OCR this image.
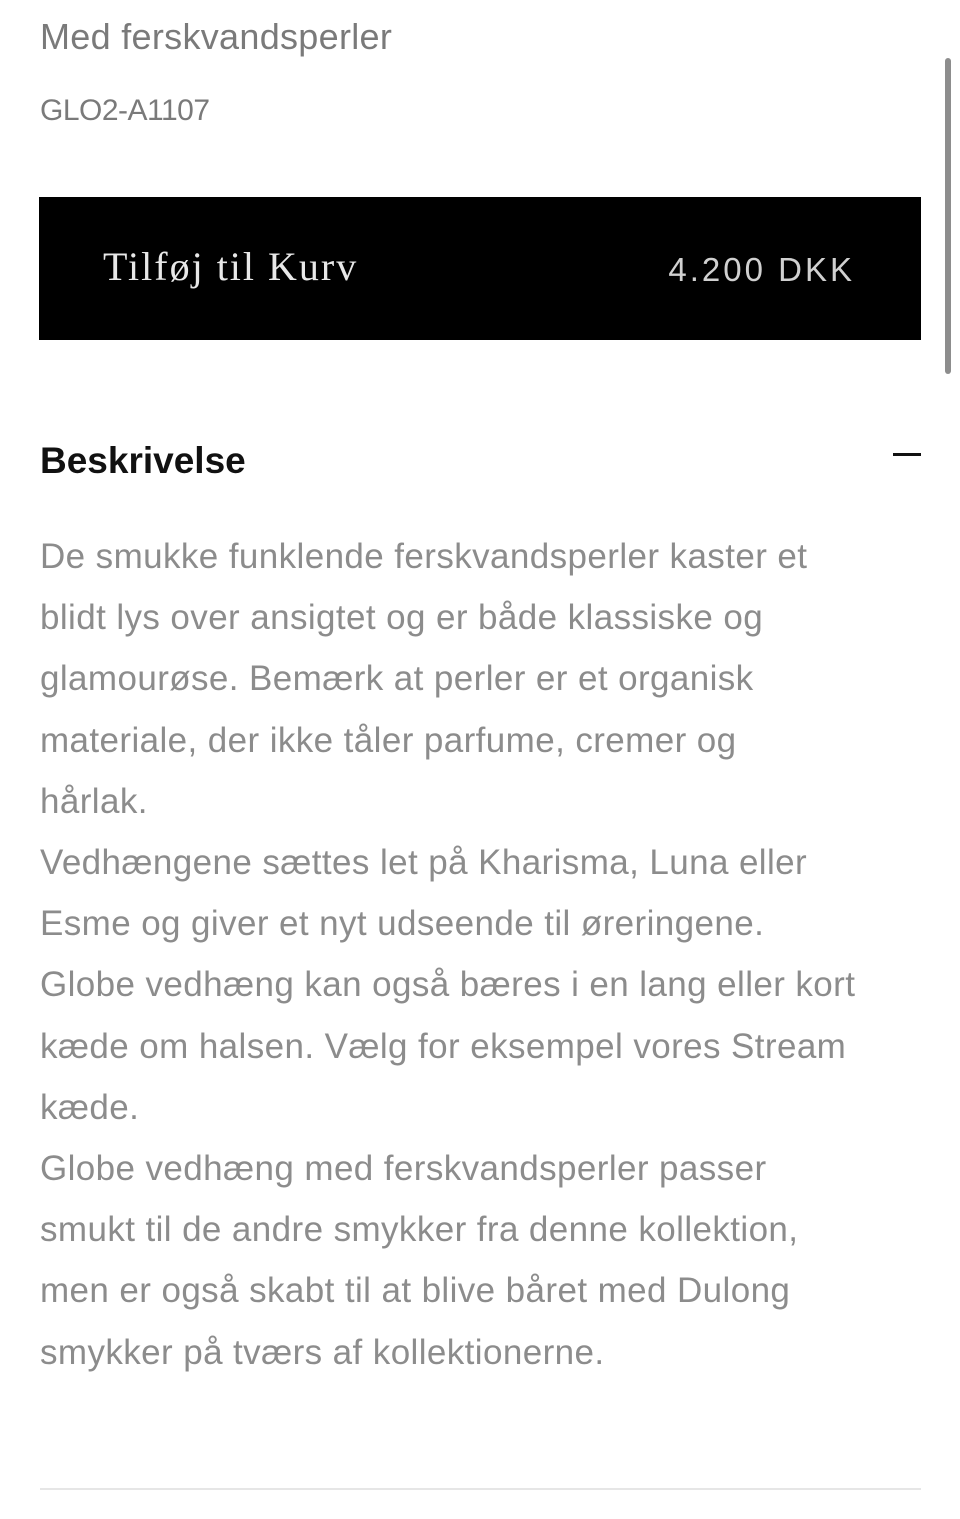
Med ferskvandsperler
GLO2-A1107
Tilføj til Kurv	4.200 DKK
Beskrivelse
De smukke funklende ferskvandsperler kaster et
blidt lys over ansigtet og er både klassiske og
glamourøse. Bemærk at perler er et organisk
materiale, der ikke tåler parfume, cremer og
hårlak.
Vedhængene sættes let på Kharisma, Luna eller
Esme og giver et nyt udseende til øreringene.
Globe vedhæng kan også bæres i en lang eller kort
kæde om halsen. Vælg for eksempel vores Stream
kæde.
Globe vedhæng med ferskvandsperler passer
smukt til de andre smykker fra denne kollektion,
men er også skabt til at blive båret med Dulong
smykker på tværs af kollektionerne.
